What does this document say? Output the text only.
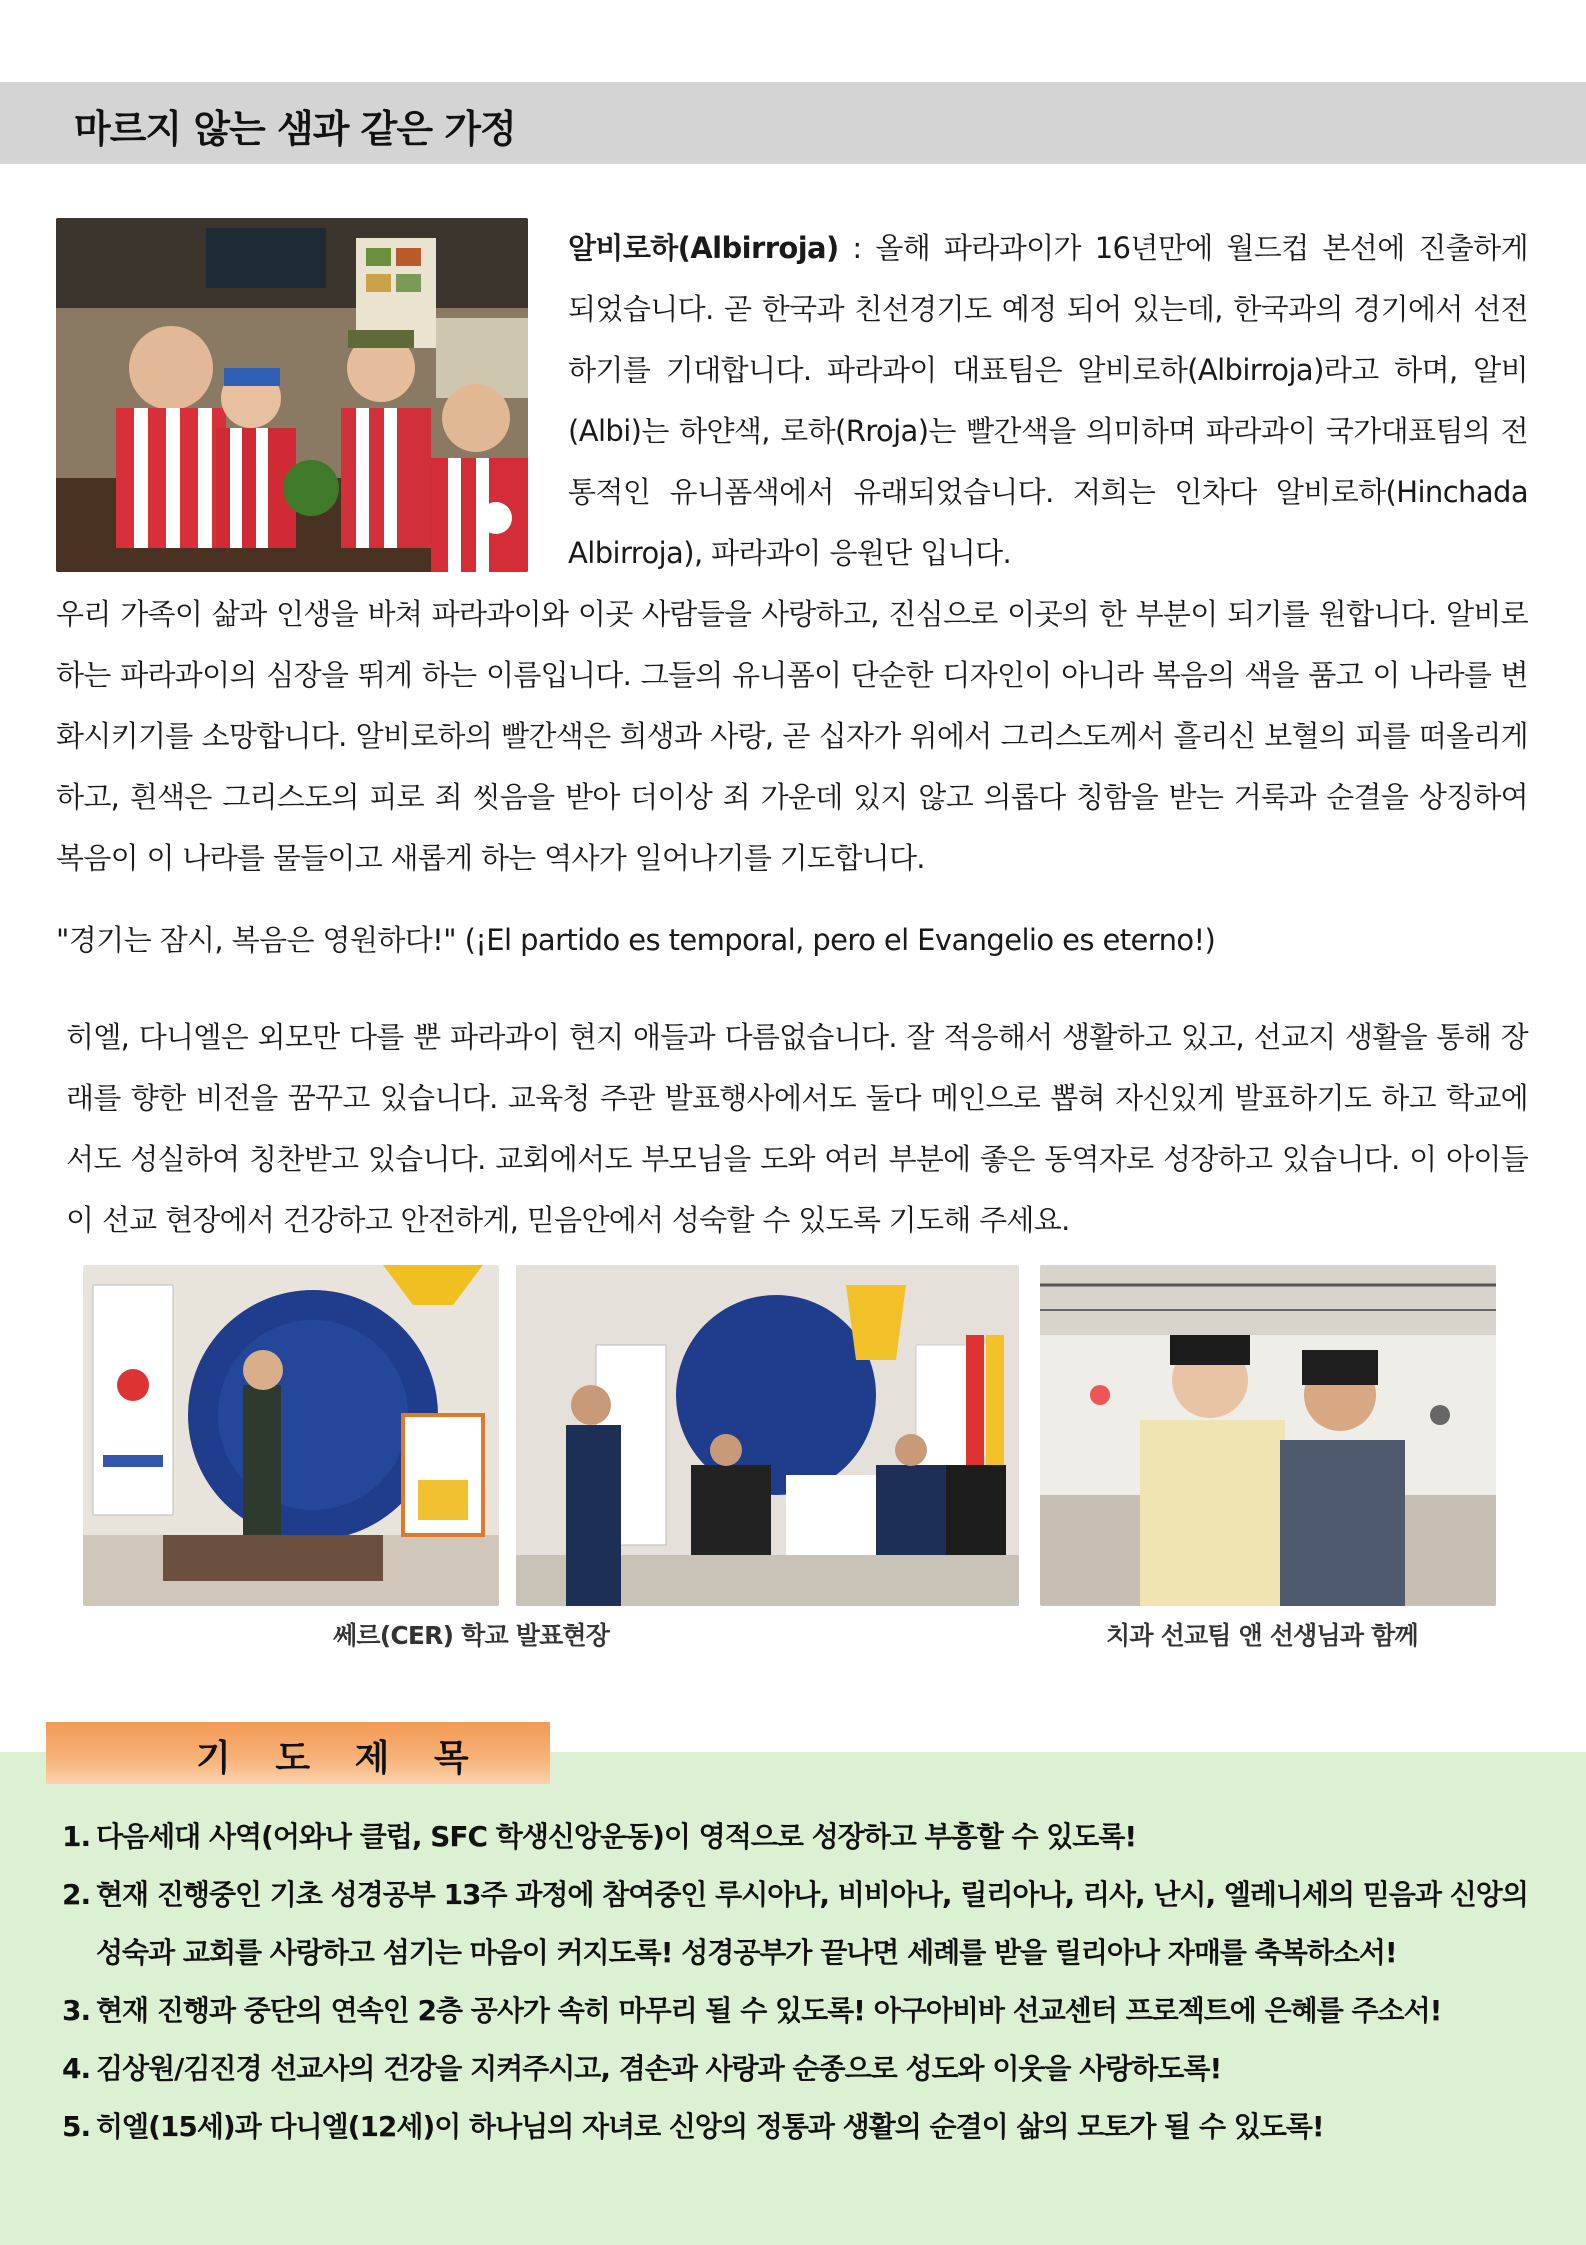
마르지 않는 샘과 같은 가정

알비로하(Albirroja) : 올해 파라과이가 16년만에 월드컵 본선에 진출하게 되었습니다. 곧 한국과 친선경기도 예정 되어 있는데, 한국과의 경기에서 선전하기를 기대합니다. 파라과이 대표팀은 알비로하(Albirroja)라고 하며, 알비(Albi)는 하얀색, 로하(Rroja)는 빨간색을 의미하며 파라과이 국가대표팀의 전통적인 유니폼색에서 유래되었습니다. 저희는 인차다 알비로하(Hinchada Albirroja), 파라과이 응원단 입니다.

우리 가족이 삶과 인생을 바쳐 파라과이와 이곳 사람들을 사랑하고, 진심으로 이곳의 한 부분이 되기를 원합니다. 알비로하는 파라과이의 심장을 뛰게 하는 이름입니다. 그들의 유니폼이 단순한 디자인이 아니라 복음의 색을 품고 이 나라를 변화시키기를 소망합니다. 알비로하의 빨간색은 희생과 사랑, 곧 십자가 위에서 그리스도께서 흘리신 보혈의 피를 떠올리게 하고, 흰색은 그리스도의 피로 죄 씻음을 받아 더이상 죄 가운데 있지 않고 의롭다 칭함을 받는 거룩과 순결을 상징하여 복음이 이 나라를 물들이고 새롭게 하는 역사가 일어나기를 기도합니다.

"경기는 잠시, 복음은 영원하다!" (¡El partido es temporal, pero el Evangelio es eterno!)

히엘, 다니엘은 외모만 다를 뿐 파라과이 현지 애들과 다름없습니다. 잘 적응해서 생활하고 있고, 선교지 생활을 통해 장래를 향한 비전을 꿈꾸고 있습니다. 교육청 주관 발표행사에서도 둘다 메인으로 뽑혀 자신있게 발표하기도 하고 학교에서도 성실하여 칭찬받고 있습니다. 교회에서도 부모님을 도와 여러 부분에 좋은 동역자로 성장하고 있습니다. 이 아이들이 선교 현장에서 건강하고 안전하게, 믿음안에서 성숙할 수 있도록 기도해 주세요.

쎄르(CER) 학교 발표현장	치과 선교팀 앤 선생님과 함께

기 도 제 목
1. 다음세대 사역(어와나 클럽, SFC 학생신앙운동)이 영적으로 성장하고 부흥할 수 있도록!
2. 현재 진행중인 기초 성경공부 13주 과정에 참여중인 루시아나, 비비아나, 릴리아나, 리사, 난시, 엘레니세의 믿음과 신앙의 성숙과 교회를 사랑하고 섬기는 마음이 커지도록! 성경공부가 끝나면 세례를 받을 릴리아나 자매를 축복하소서!
3. 현재 진행과 중단의 연속인 2층 공사가 속히 마무리 될 수 있도록! 아구아비바 선교센터 프로젝트에 은혜를 주소서!
4. 김상원/김진경 선교사의 건강을 지켜주시고, 겸손과 사랑과 순종으로 성도와 이웃을 사랑하도록!
5. 히엘(15세)과 다니엘(12세)이 하나님의 자녀로 신앙의 정통과 생활의 순결이 삶의 모토가 될 수 있도록!
